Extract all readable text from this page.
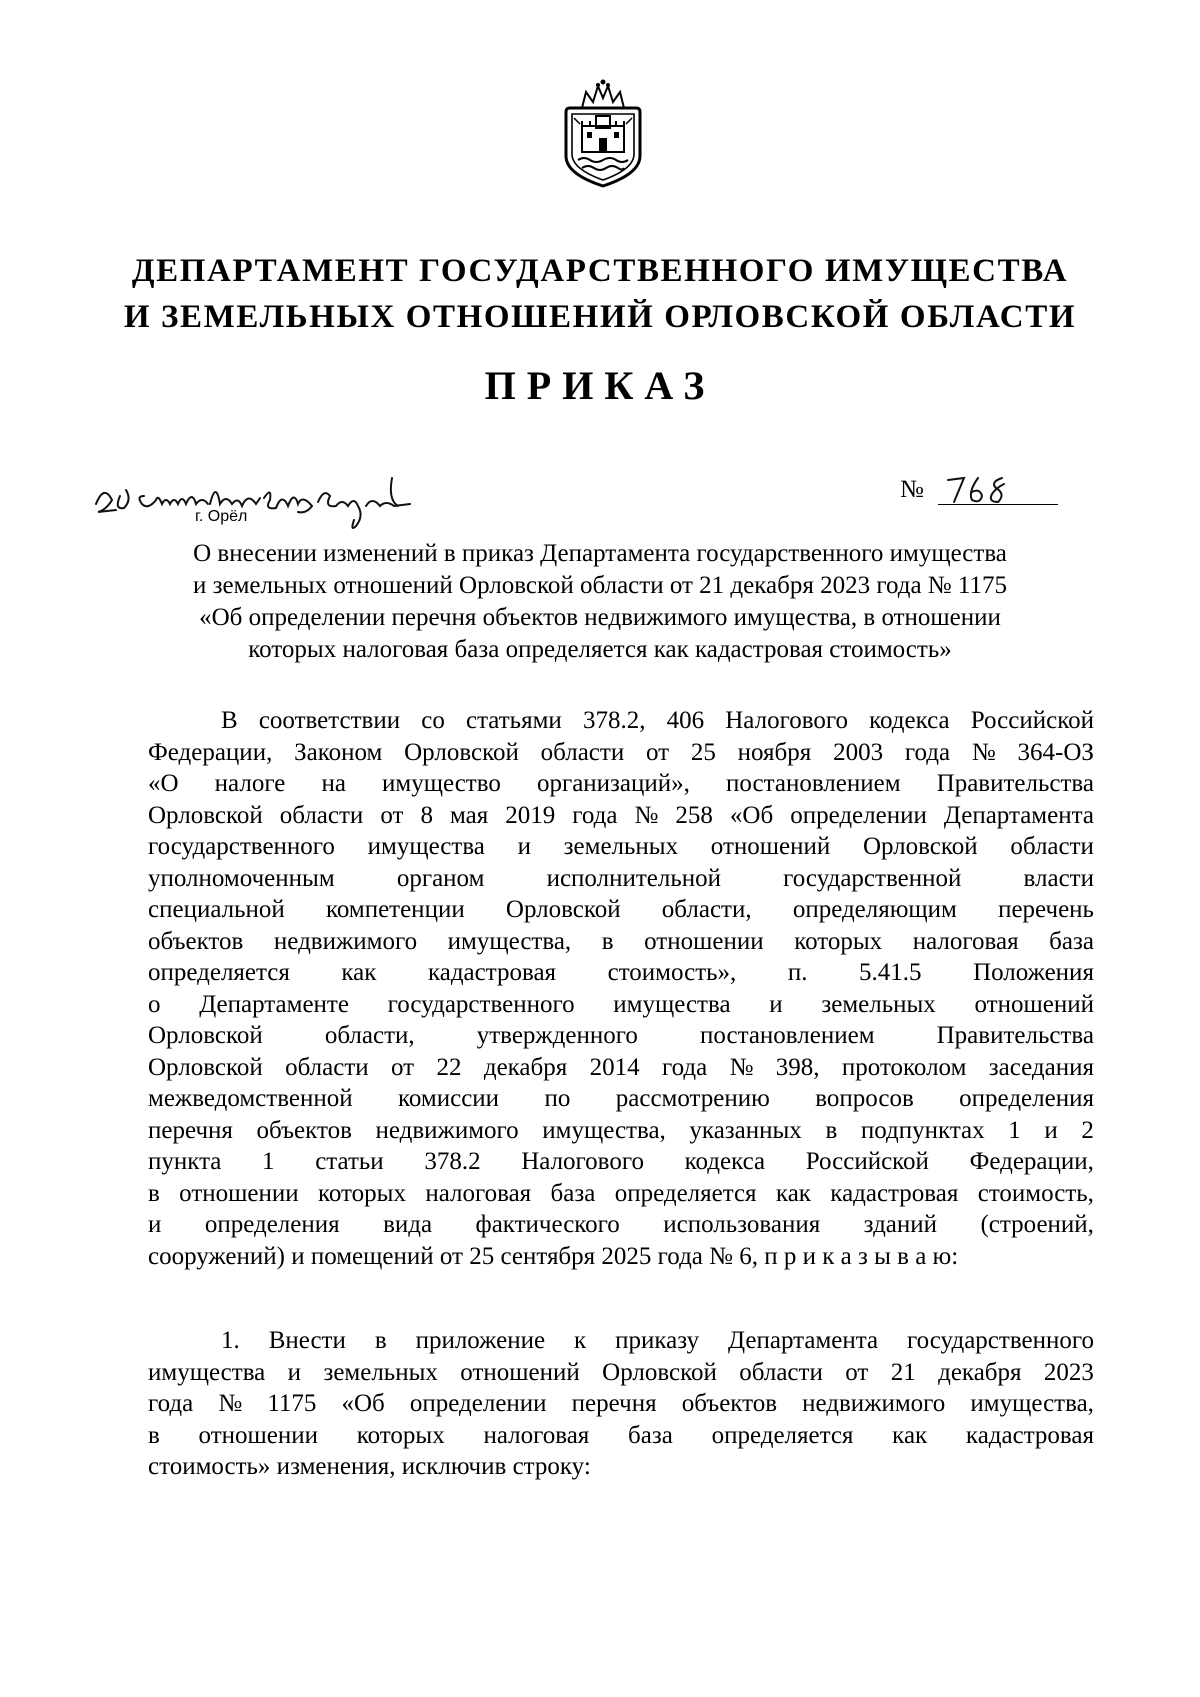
ДЕПАРТАМЕНТ ГОСУДАРСТВЕННОГО ИМУЩЕСТВА
И ЗЕМЕЛЬНЫХ ОТНОШЕНИЙ ОРЛОВСКОЙ ОБЛАСТИ
ПРИКАЗ
г. Орёл
№
О внесении изменений в приказ Департамента государственного имущества
и земельных отношений Орловской области от 21 декабря 2023 года № 1175
«Об определении перечня объектов недвижимого имущества, в отношении
которых налоговая база определяется как кадастровая стоимость»
В соответствии со статьями 378.2, 406 Налогового кодекса Российской
Федерации, Законом Орловской области от 25 ноября 2003 года № 364-ОЗ
«О налоге на имущество организаций», постановлением Правительства
Орловской области от 8 мая 2019 года № 258 «Об определении Департамента
государственного имущества и земельных отношений Орловской области
уполномоченным органом исполнительной государственной власти
специальной компетенции Орловской области, определяющим перечень
объектов недвижимого имущества, в отношении которых налоговая база
определяется как кадастровая стоимость», п. 5.41.5 Положения
о Департаменте государственного имущества и земельных отношений
Орловской области, утвержденного постановлением Правительства
Орловской области от 22 декабря 2014 года № 398, протоколом заседания
межведомственной комиссии по рассмотрению вопросов определения
перечня объектов недвижимого имущества, указанных в подпунктах 1 и 2
пункта 1 статьи 378.2 Налогового кодекса Российской Федерации,
в отношении которых налоговая база определяется как кадастровая стоимость,
и определения вида фактического использования зданий (строений,
сооружений) и помещений от 25 сентября 2025 года № 6, п р и к а з ы в а ю:
1. Внести в приложение к приказу Департамента государственного
имущества и земельных отношений Орловской области от 21 декабря 2023
года № 1175 «Об определении перечня объектов недвижимого имущества,
в отношении которых налоговая база определяется как кадастровая
стоимость» изменения, исключив строку:
